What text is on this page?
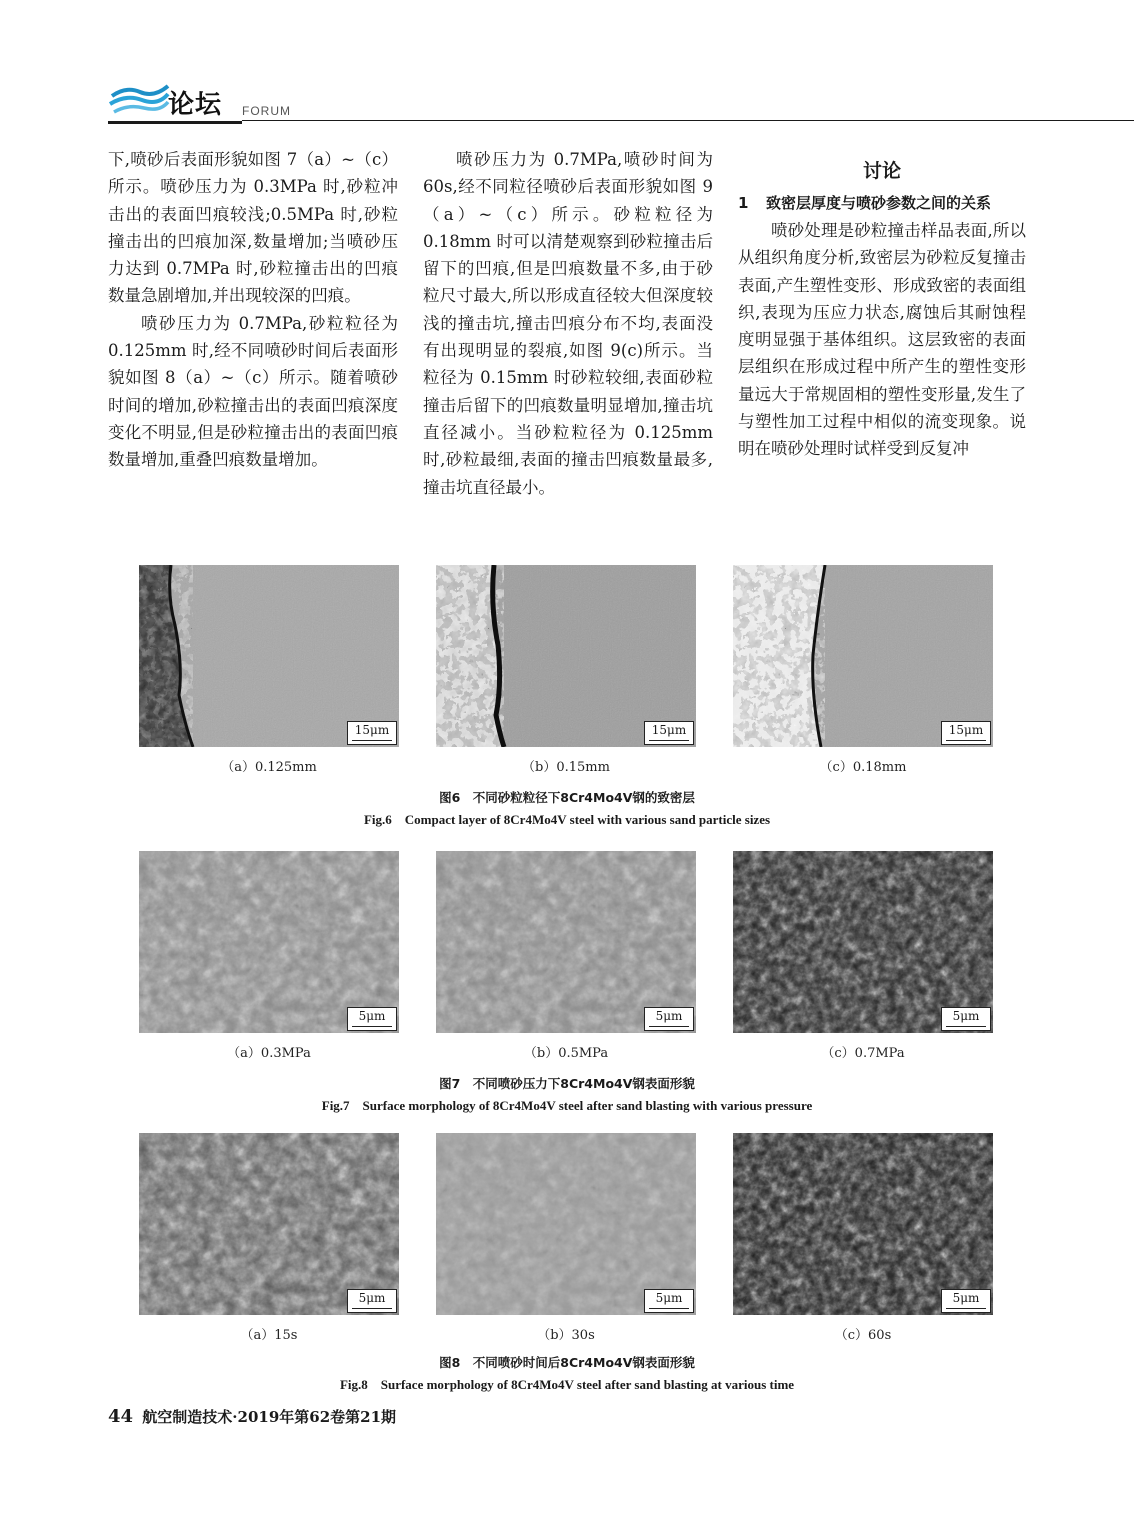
论坛 FORUM

下,喷砂后表面形貌如图 7（a）~（c）所示。喷砂压力为 0.3MPa 时,砂粒冲击出的表面凹痕较浅;0.5MPa 时,砂粒撞击出的凹痕加深,数量增加;当喷砂压力达到 0.7MPa 时,砂粒撞击出的凹痕数量急剧增加,并出现较深的凹痕。

喷砂压力为 0.7MPa,砂粒粒径为 0.125mm 时,经不同喷砂时间后表面形貌如图 8（a）~（c）所示。随着喷砂时间的增加,砂粒撞击出的表面凹痕深度变化不明显,但是砂粒撞击出的表面凹痕数量增加,重叠凹痕数量增加。

喷砂压力为 0.7MPa,喷砂时间为 60s,经不同粒径喷砂后表面形貌如图 9（a）~（c）所示。砂粒粒径为 0.18mm 时可以清楚观察到砂粒撞击后留下的凹痕,但是凹痕数量不多,由于砂粒尺寸最大,所以形成直径较大但深度较浅的撞击坑,撞击凹痕分布不均,表面没有出现明显的裂痕,如图 9(c)所示。当粒径为 0.15mm 时砂粒较细,表面砂粒撞击后留下的凹痕数量明显增加,撞击坑直径减小。当砂粒粒径为 0.125mm 时,砂粒最细,表面的撞击凹痕数量最多,撞击坑直径最小。

讨论

1 致密层厚度与喷砂参数之间的关系

喷砂处理是砂粒撞击样品表面,所以从组织角度分析,致密层为砂粒反复撞击表面,产生塑性变形、形成致密的表面组织,表现为压应力状态,腐蚀后其耐蚀程度明显强于基体组织。这层致密的表面层组织在形成过程中所产生的塑性变形量远大于常规固相的塑性变形量,发生了与塑性加工过程中相似的流变现象。说明在喷砂处理时试样受到反复冲

15μm	15μm	15μm
（a）0.125mm	（b）0.15mm	（c）0.18mm
图6　不同砂粒粒径下8Cr4Mo4V钢的致密层
Fig.6　Compact layer of 8Cr4Mo4V steel with various sand particle sizes
5μm	5μm	5μm
（a）0.3MPa	（b）0.5MPa	（c）0.7MPa
图7　不同喷砂压力下8Cr4Mo4V钢表面形貌
Fig.7　Surface morphology of 8Cr4Mo4V steel after sand blasting with various pressure
5μm	5μm	5μm
（a）15s	（b）30s	（c）60s
图8　不同喷砂时间后8Cr4Mo4V钢表面形貌
Fig.8　Surface morphology of 8Cr4Mo4V steel after sand blasting at various time
44 航空制造技术·2019年第62卷第21期
